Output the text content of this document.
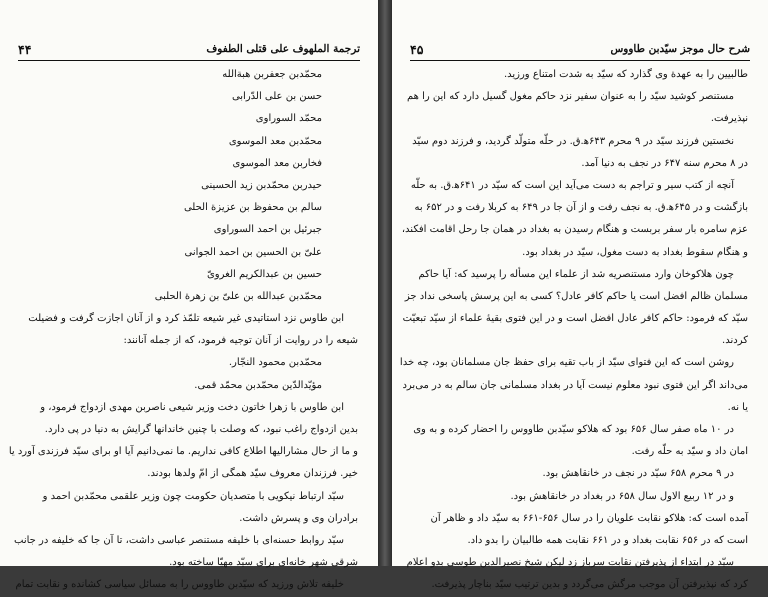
ترجمة الملهوف على قتلى الطفوف
۴۴
محمّدبن جعفربن هبةالله
حسن بن علی الدّرابی
محمّد السوراوی
محمّدبن معد الموسوی
فخاربن معد الموسوی
حیدربن محمّدبن زید الحسینی
سالم بن محفوظ بن عزیزة الحلی
جبرئیل بن احمد السوراوی
علیّ بن الحسین بن احمد الجوانی
حسین بن عبدالکریم الغرویّ
محمّدبن عبدالله بن علیّ بن زهرة الحلبی
ابن طاوس نزد استاتیدی غیر شیعه تلمّذ کرد و از آنان اجازت گرفت و فضیلت
شیعه را در روایت از آنان توجیه فرمود، که از جمله آنانند:
محمّدبن محمود النجّار.
مؤیّدالدّین محمّدبن محمّد قمی.
ابن طاوس با زهرا خاتون دخت وزیر شیعی ناصربن مهدی ازدواج فرمود، و
بدین ازدواج راغب نبود، که وصلت با چنین خاندانها گرایش به دنیا در پی دارد.
و ما از حال مشارالیها اطلاع کافی نداریم. ما نمی‌دانیم آیا او برای سیّد فرزندی آورد یا
خیر. فرزندان معروف سیّد همگی از امّ ولدها بودند.
سیّد ارتباط نیکویی با متصدیان حکومت چون وزیر علقمی محمّدبن احمد و
برادران وی و پسرش داشت.
سیّد روابط حسنه‌ای با خلیفه مستنصر عباسی داشت، تا آن جا که خلیفه در جانب
شرقی شهر خانه‌ای برای سیّد مهیّا ساخته بود.
خلیفه تلاش ورزید که سیّدبن طاووس را به مسائل سیاسی کشانده و نقابت تمام
شرح حال موجز سیّدبن طاووس
۴۵
طالبیین را به عهدة وی گذارد که سیّد به شدت امتناع ورزید.
مستنصر کوشید سیّد را به عنوان سفیر نزد حاکم مغول گسیل دارد که این را هم
نپذیرفت.
نخستین فرزند سیّد در ۹ محرم ۶۴۳ه‍.ق. در حلّه متولّد گردید، و فرزند دوم سیّد
در ۸ محرم سنه ۶۴۷ در نجف به دنیا آمد.
آنچه از کتب سیر و تراجم به دست می‌آید این است که سیّد در ۶۴۱ه‍.ق. به حلّه
بازگشت و در ۶۴۵ه‍.ق. به نجف رفت و از آن جا در ۶۴۹ به کربلا رفت و در ۶۵۲ به
عزم سامره بار سفر بربست و هنگام رسیدن به بغداد در همان جا رحل اقامت افکند،
و هنگام سقوط بغداد به دست مغول، سیّد در بغداد بود.
چون هلاکوخان وارد مستنصریه شد از علماء این مسأله را پرسید که: آیا حاکم
مسلمان ظالم افضل است یا حاکم کافر عادل؟ کسی به این پرسش پاسخی نداد جز
سیّد که فرمود: حاکم کافر عادل افضل است و در این فتوی بقیهٔ علماء از سیّد تبعیّت
کردند.
روشن است که این فتوای سیّد از باب تقیه برای حفظ جان مسلمانان بود، چه خدا
می‌داند اگر این فتوی نبود معلوم نیست آیا در بغداد مسلمانی جان سالم به در می‌برد
یا نه.
در ۱۰ ماه صفر سال ۶۵۶ بود که هلاکو سیّدبن طاووس را احضار کرده و به وی
امان داد و سیّد به حلّه رفت.
در ۹ محرم ۶۵۸ سیّد در نجف در خانقاهش بود.
و در ۱۲ ربیع الاول سال ۶۵۸ در بغداد در خانقاهش بود.
آمده است که: هلاکو نقابت علویان را در سال ۶۵۶-۶۶۱ به سیّد داد و ظاهر آن
است که در ۶۵۶ نقابت بغداد و در ۶۶۱ نقابت همه طالبیان را بدو داد.
سیّد در ابتداء از پذیرفتن نقابت سرباز زد لیکن شیخ نصیرالدین طوسی بدو اعلام
کرد که نپذیرفتن آن موجب مرگش می‌گردد و بدین ترتیب سیّد بناچار پذیرفت.
